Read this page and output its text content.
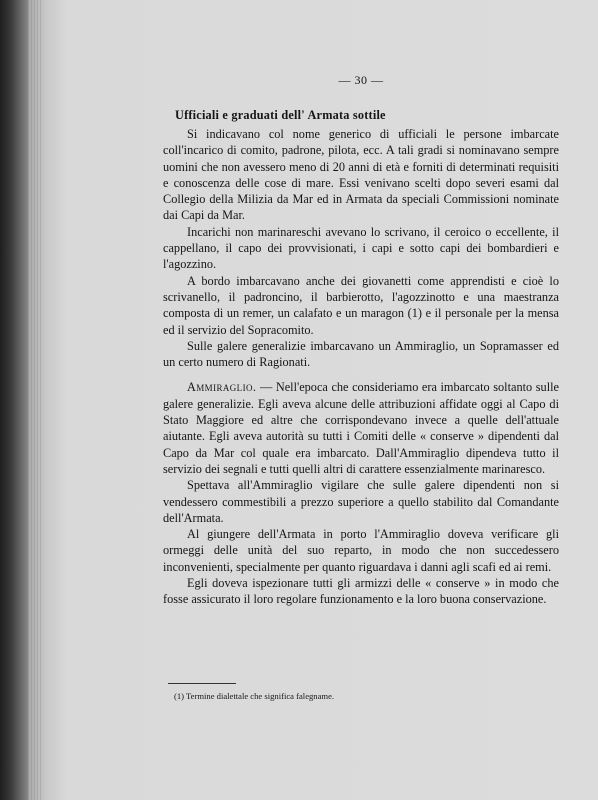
— 30 —
Ufficiali e graduati dell' Armata sottile

Si indicavano col nome generico di ufficiali le persone imbarcate coll'incarico di comito, padrone, pilota, ecc. A tali gradi si nominavano sempre uomini che non avessero meno di 20 anni di età e forniti di determinati requisiti e conoscenza delle cose di mare. Essi venivano scelti dopo severi esami dal Collegio della Milizia da Mar ed in Armata da speciali Commissioni nominate dai Capi da Mar.

Incarichi non marinareschi avevano lo scrivano, il ceroico o eccellente, il cappellano, il capo dei provvisionati, i capi e sotto capi dei bombardieri e l'agozzino.

A bordo imbarcavano anche dei giovanetti come apprendisti e cioè lo scrivanello, il padroncino, il barbierotto, l'agozzinotto e una maestranza composta di un remer, un calafato e un maragon (1) e il personale per la mensa ed il servizio del Sopracomito.

Sulle galere generalizie imbarcavano un Ammiraglio, un Sopramasser ed un certo numero di Ragionati.

Ammiraglio. — Nell'epoca che consideriamo era imbarcato soltanto sulle galere generalizie. Egli aveva alcune delle attribuzioni affidate oggi al Capo di Stato Maggiore ed altre che corrispondevano invece a quelle dell'attuale aiutante. Egli aveva autorità su tutti i Comiti delle « conserve » dipendenti dal Capo da Mar col quale era imbarcato. Dall'Ammiraglio dipendeva tutto il servizio dei segnali e tutti quelli altri di carattere essenzialmente marinaresco.

Spettava all'Ammiraglio vigilare che sulle galere dipendenti non si vendessero commestibili a prezzo superiore a quello stabilito dal Comandante dell'Armata.

Al giungere dell'Armata in porto l'Ammiraglio doveva verificare gli ormeggi delle unità del suo reparto, in modo che non succedessero inconvenienti, specialmente per quanto riguardava i danni agli scafi ed ai remi.

Egli doveva ispezionare tutti gli armizzi delle « conserve » in modo che fosse assicurato il loro regolare funzionamento e la loro buona conservazione.

(1) Termine dialettale che significa falegname.
